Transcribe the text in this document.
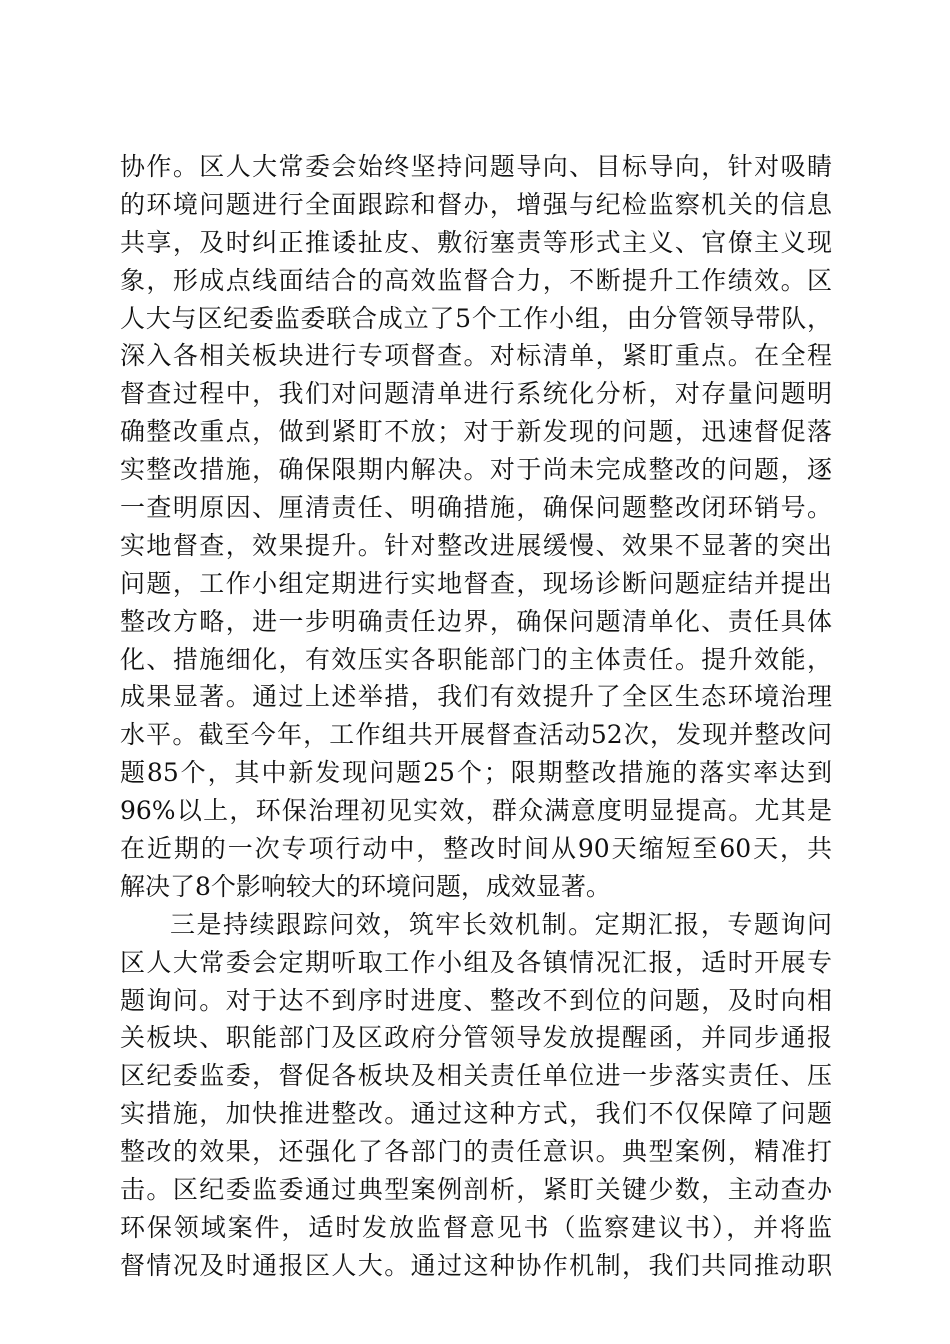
协作。区人大常委会始终坚持问题导向、目标导向，针对吸睛
的环境问题进行全面跟踪和督办，增强与纪检监察机关的信息
共享，及时纠正推诿扯皮、敷衍塞责等形式主义、官僚主义现
象，形成点线面结合的高效监督合力，不断提升工作绩效。区
人大与区纪委监委联合成立了5个工作小组，由分管领导带队，
深入各相关板块进行专项督查。对标清单，紧盯重点。在全程
督查过程中，我们对问题清单进行系统化分析，对存量问题明
确整改重点，做到紧盯不放；对于新发现的问题，迅速督促落
实整改措施，确保限期内解决。对于尚未完成整改的问题，逐
一查明原因、厘清责任、明确措施，确保问题整改闭环销号。
实地督查，效果提升。针对整改进展缓慢、效果不显著的突出
问题，工作小组定期进行实地督查，现场诊断问题症结并提出
整改方略，进一步明确责任边界，确保问题清单化、责任具体
化、措施细化，有效压实各职能部门的主体责任。提升效能，
成果显著。通过上述举措，我们有效提升了全区生态环境治理
水平。截至今年，工作组共开展督查活动52次，发现并整改问
题85个，其中新发现问题25个；限期整改措施的落实率达到
96%以上，环保治理初见实效，群众满意度明显提高。尤其是
在近期的一次专项行动中，整改时间从90天缩短至60天，共
解决了8个影响较大的环境问题，成效显著。
三是持续跟踪问效，筑牢长效机制。定期汇报，专题询问
区人大常委会定期听取工作小组及各镇情况汇报，适时开展专
题询问。对于达不到序时进度、整改不到位的问题，及时向相
关板块、职能部门及区政府分管领导发放提醒函，并同步通报
区纪委监委，督促各板块及相关责任单位进一步落实责任、压
实措施，加快推进整改。通过这种方式，我们不仅保障了问题
整改的效果，还强化了各部门的责任意识。典型案例，精准打
击。区纪委监委通过典型案例剖析，紧盯关键少数，主动查办
环保领域案件，适时发放监督意见书（监察建议书），并将监
督情况及时通报区人大。通过这种协作机制，我们共同推动职
